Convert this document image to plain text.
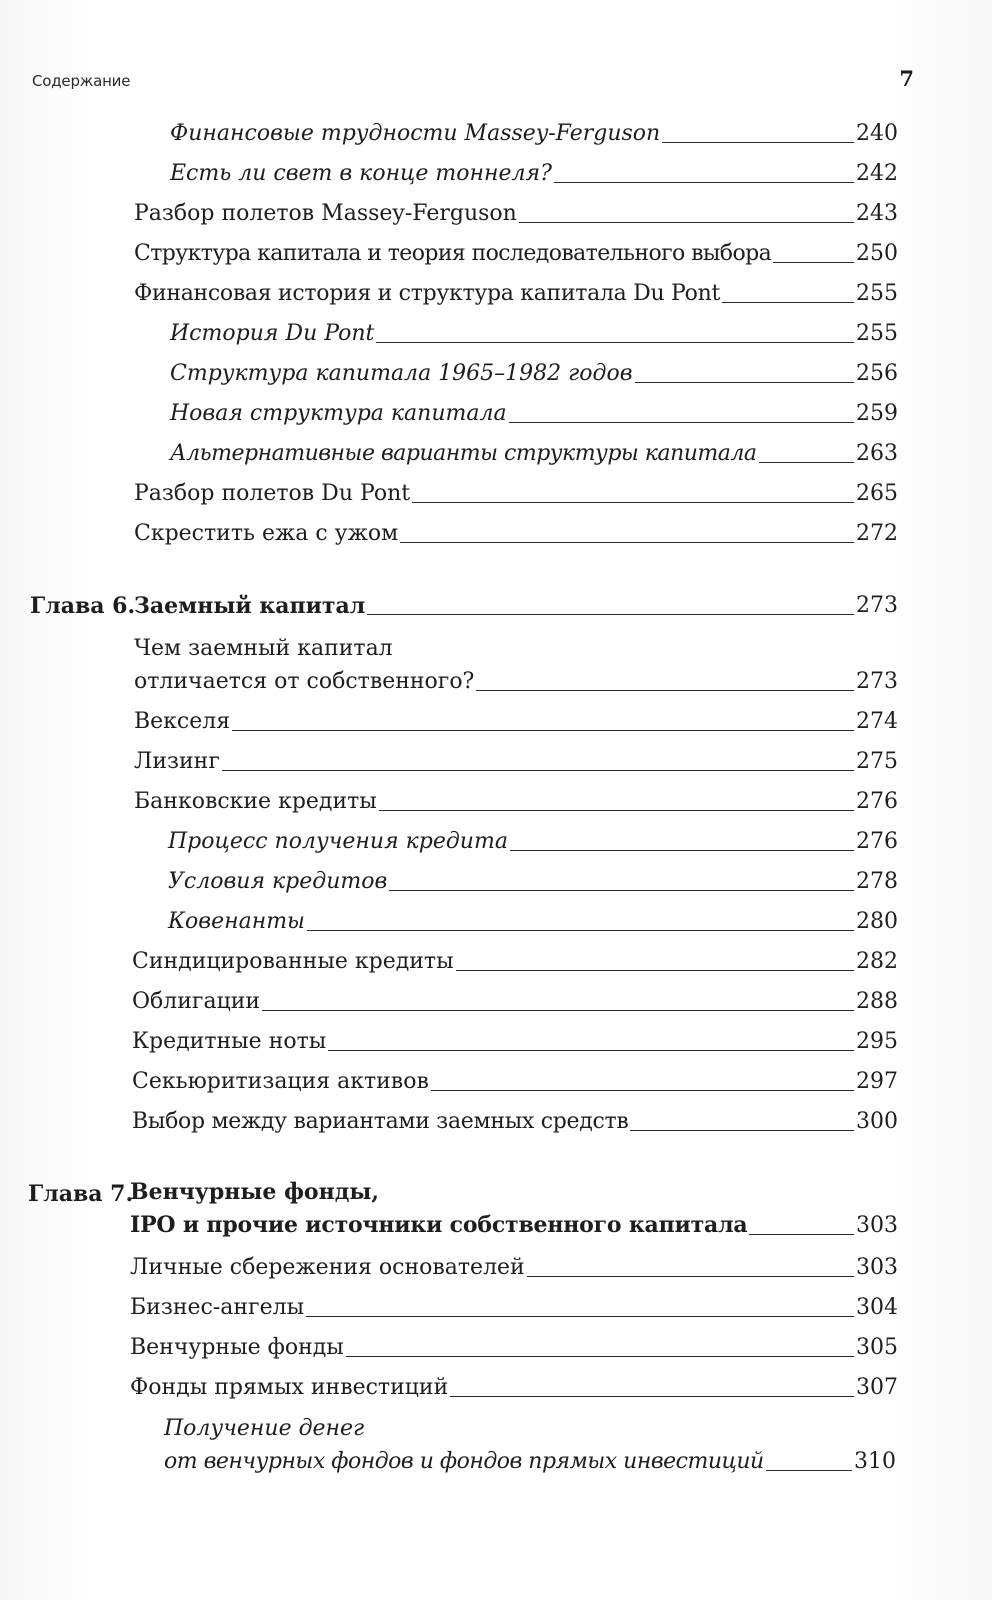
Содержание	7
Финансовые трудности Massey-Ferguson	240
Есть ли свет в конце тоннеля?	242
Разбор полетов Massey-Ferguson	243
Структура капитала и теория последовательного выбора	250
Финансовая история и структура капитала Du Pont	255
История Du Pont	255
Структура капитала 1965–1982 годов	256
Новая структура капитала	259
Альтернативные варианты структуры капитала	263
Разбор полетов Du Pont	265
Скрестить ежа с ужом	272
Глава 6.
Заемный капитал	273
Чем заемный капитал
отличается от собственного?	273
Векселя	274
Лизинг	275
Банковские кредиты	276
Процесс получения кредита	276
Условия кредитов	278
Ковенанты	280
Синдицированные кредиты	282
Облигации	288
Кредитные ноты	295
Секьюритизация активов	297
Выбор между вариантами заемных средств	300
Глава 7.
Венчурные фонды,
IPO и прочие источники собственного капитала	303
Личные сбережения основателей	303
Бизнес-ангелы	304
Венчурные фонды	305
Фонды прямых инвестиций	307
Получение денег
от венчурных фондов и фондов прямых инвестиций	310
